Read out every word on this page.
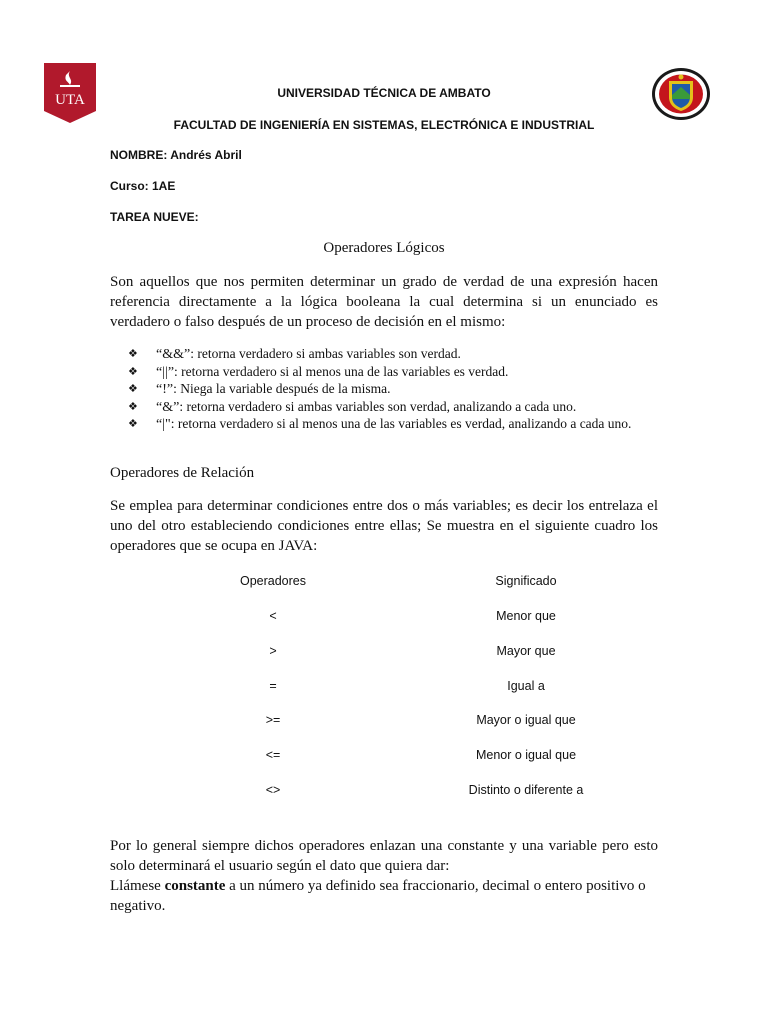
UTA	UNIVERSIDAD TÉCNICA DE AMBATO
FACULTAD DE INGENIERÍA EN SISTEMAS, ELECTRÓNICA E INDUSTRIAL
NOMBRE: Andrés Abril
Curso: 1AE
TAREA NUEVE:
Operadores Lógicos
Son aquellos que nos permiten determinar un grado de verdad de una expresión hacen referencia directamente a la lógica booleana la cual determina si un enunciado es verdadero o falso después de un proceso de decisión en el mismo:
❖ “&&”: retorna verdadero si ambas variables son verdad.
❖ “||”: retorna verdadero si al menos una de las variables es verdad.
❖ “!”: Niega la variable después de la misma.
❖ “&”: retorna verdadero si ambas variables son verdad, analizando a cada uno.
❖ “|": retorna verdadero si al menos una de las variables es verdad, analizando a cada uno.
Operadores de Relación
Se emplea para determinar condiciones entre dos o más variables; es decir los entrelaza el uno del otro estableciendo condiciones entre ellas; Se muestra en el siguiente cuadro los operadores que se ocupa en JAVA:
Operadores	Significado
<	Menor que
>	Mayor que
=	Igual a
>=	Mayor o igual que
<=	Menor o igual que
<>	Distinto o diferente a
Por lo general siempre dichos operadores enlazan una constante y una variable pero esto solo determinará el usuario según el dato que quiera dar:
Llámese constante a un número ya definido sea fraccionario, decimal o entero positivo o negativo.
